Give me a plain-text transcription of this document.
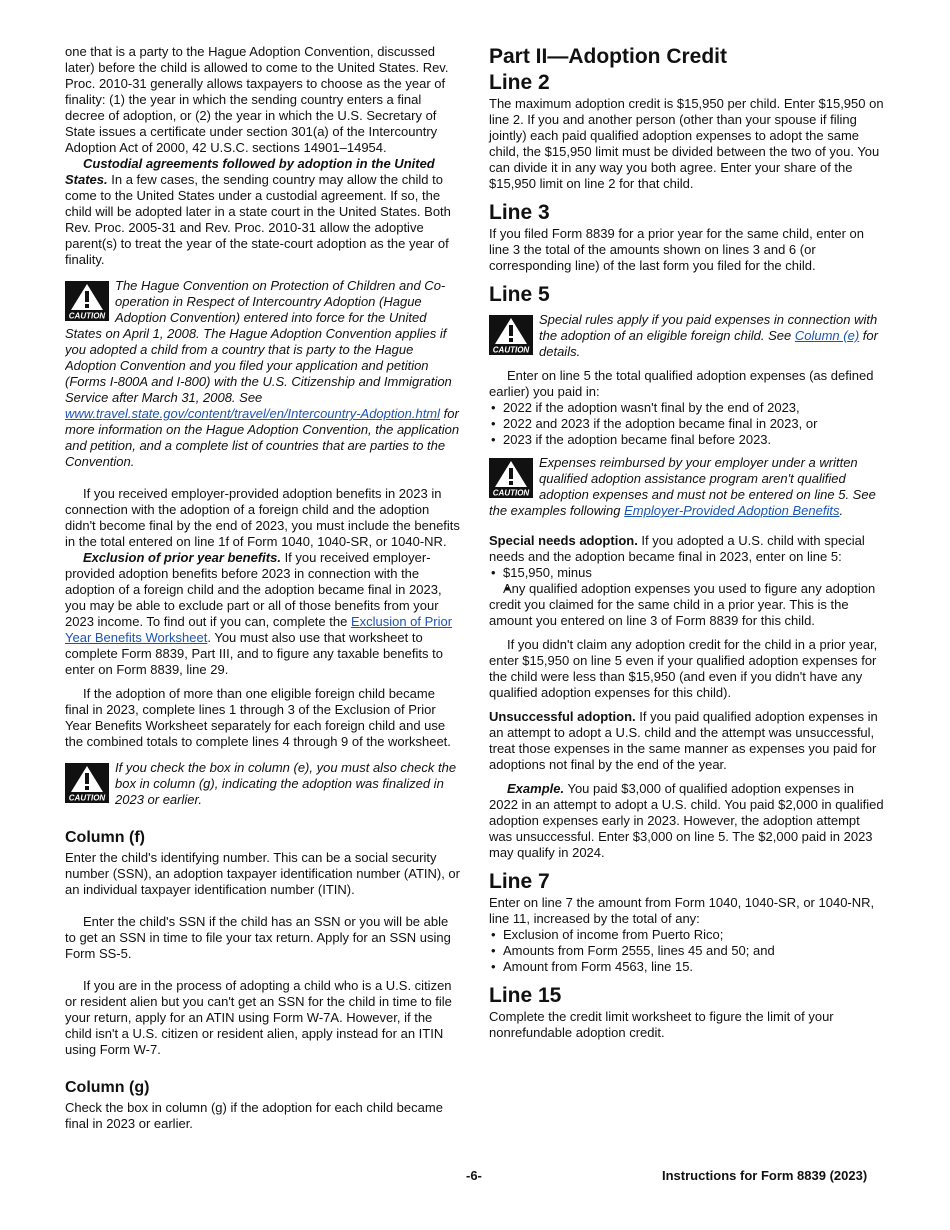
one that is a party to the Hague Adoption Convention, discussed later) before the child is allowed to come to the United States. Rev. Proc. 2010-31 generally allows taxpayers to choose as the year of finality: (1) the year in which the sending country enters a final decree of adoption, or (2) the year in which the U.S. Secretary of State issues a certificate under section 301(a) of the Intercountry Adoption Act of 2000, 42 U.S.C. sections 14901–14954.

Custodial agreements followed by adoption in the United States. In a few cases, the sending country may allow the child to come to the United States under a custodial agreement. If so, the child will be adopted later in a state court in the United States. Both Rev. Proc. 2005-31 and Rev. Proc. 2010-31 allow the adoptive parent(s) to treat the year of the state-court adoption as the year of finality.

CAUTION
The Hague Convention on Protection of Children and Co-operation in Respect of Intercountry Adoption (Hague Adoption Convention) entered into force for the United States on April 1, 2008. The Hague Adoption Convention applies if you adopted a child from a country that is party to the Hague Adoption Convention and you filed your application and petition (Forms I-800A and I-800) with the U.S. Citizenship and Immigration Service after March 31, 2008. See www.travel.state.gov/content/travel/en/Intercountry-Adoption.html for more information on the Hague Adoption Convention, the application and petition, and a complete list of countries that are parties to the Convention.

If you received employer-provided adoption benefits in 2023 in connection with the adoption of a foreign child and the adoption didn't become final by the end of 2023, you must include the benefits in the total entered on line 1f of Form 1040, 1040-SR, or 1040-NR.

Exclusion of prior year benefits. If you received employer-provided adoption benefits before 2023 in connection with the adoption of a foreign child and the adoption became final in 2023, you may be able to exclude part or all of those benefits from your 2023 income. To find out if you can, complete the Exclusion of Prior Year Benefits Worksheet. You must also use that worksheet to complete Form 8839, Part III, and to figure any taxable benefits to enter on Form 8839, line 29.

If the adoption of more than one eligible foreign child became final in 2023, complete lines 1 through 3 of the Exclusion of Prior Year Benefits Worksheet separately for each foreign child and use the combined totals to complete lines 4 through 9 of the worksheet.

CAUTION
If you check the box in column (e), you must also check the box in column (g), indicating the adoption was finalized in 2023 or earlier.
Column (f)

Enter the child's identifying number. This can be a social security number (SSN), an adoption taxpayer identification number (ATIN), or an individual taxpayer identification number (ITIN).

Enter the child's SSN if the child has an SSN or you will be able to get an SSN in time to file your tax return. Apply for an SSN using Form SS-5.

If you are in the process of adopting a child who is a U.S. citizen or resident alien but you can't get an SSN for the child in time to file your return, apply for an ATIN using Form W-7A. However, if the child isn't a U.S. citizen or resident alien, apply instead for an ITIN using Form W-7.

Column (g)

Check the box in column (g) if the adoption for each child became final in 2023 or earlier.

Part II—Adoption Credit
Line 2

The maximum adoption credit is $15,950 per child. Enter $15,950 on line 2. If you and another person (other than your spouse if filing jointly) each paid qualified adoption expenses to adopt the same child, the $15,950 limit must be divided between the two of you. You can divide it in any way you both agree. Enter your share of the $15,950 limit on line 2 for that child.

Line 3

If you filed Form 8839 for a prior year for the same child, enter on line 3 the total of the amounts shown on lines 3 and 6 (or corresponding line) of the last form you filed for the child.

Line 5
CAUTION
Special rules apply if you paid expenses in connection with the adoption of an eligible foreign child. See Column (e) for details.

Enter on line 5 the total qualified adoption expenses (as defined earlier) you paid in:

• 2022 if the adoption wasn't final by the end of 2023,
• 2022 and 2023 if the adoption became final in 2023, or
• 2023 if the adoption became final before 2023.
CAUTION
Expenses reimbursed by your employer under a written qualified adoption assistance program aren't qualified adoption expenses and must not be entered on line 5. See the examples following Employer-Provided Adoption Benefits.

Special needs adoption. If you adopted a U.S. child with special needs and the adoption became final in 2023, enter on line 5:

• $15,950, minus
• Any qualified adoption expenses you used to figure any adoption credit you claimed for the same child in a prior year. This is the amount you entered on line 3 of Form 8839 for this child.

If you didn't claim any adoption credit for the child in a prior year, enter $15,950 on line 5 even if your qualified adoption expenses for the child were less than $15,950 (and even if you didn't have any qualified adoption expenses for this child).

Unsuccessful adoption. If you paid qualified adoption expenses in an attempt to adopt a U.S. child and the attempt was unsuccessful, treat those expenses in the same manner as expenses you paid for adoptions not final by the end of the year.

Example. You paid $3,000 of qualified adoption expenses in 2022 in an attempt to adopt a U.S. child. You paid $2,000 in qualified adoption expenses early in 2023. However, the adoption attempt was unsuccessful. Enter $3,000 on line 5. The $2,000 paid in 2023 may qualify in 2024.

Line 7

Enter on line 7 the amount from Form 1040, 1040-SR, or 1040-NR, line 11, increased by the total of any:

• Exclusion of income from Puerto Rico;
• Amounts from Form 2555, lines 45 and 50; and
• Amount from Form 4563, line 15.
Line 15

Complete the credit limit worksheet to figure the limit of your nonrefundable adoption credit.

-6-	Instructions for Form 8839 (2023)
